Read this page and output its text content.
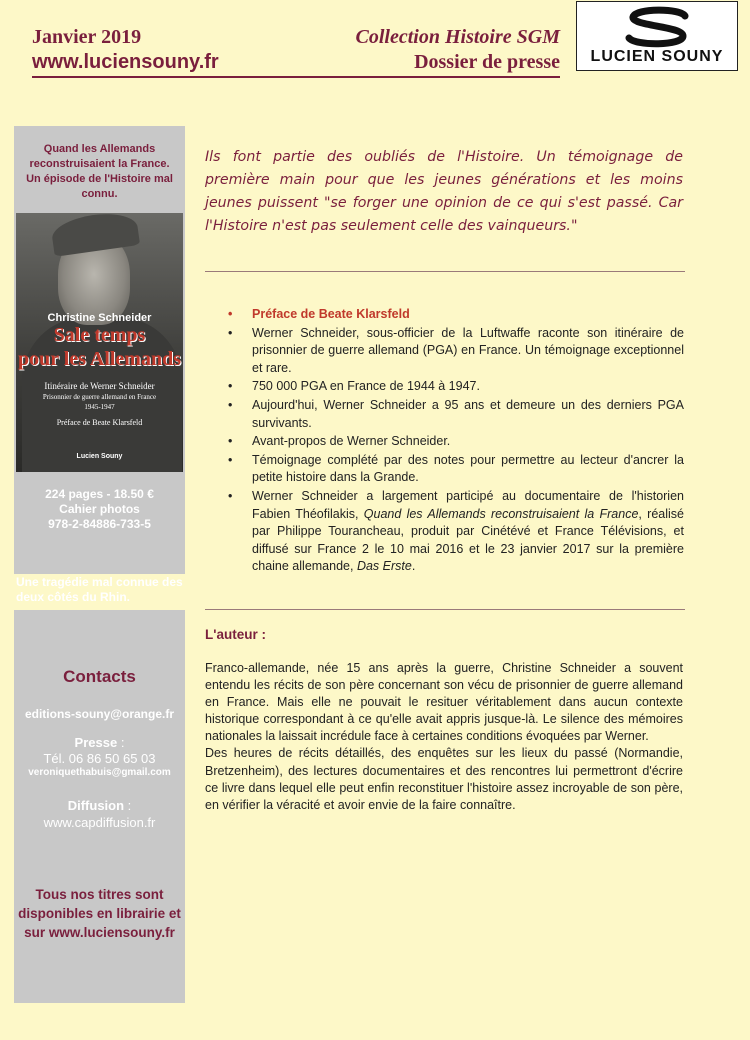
Janvier 2019
www.luciensouny.fr
Collection Histoire SGM
Dossier de presse	LUCIEN SOUNY
Quand les Allemands reconstruisaient la France. Un épisode de l'Histoire mal connu.
Christine Schneider
Sale temps
pour les Allemands
Itinéraire de Werner Schneider
Prisonnier de guerre allemand en France
1945-1947
Préface de Beate Klarsfeld
Lucien Souny
224 pages - 18.50 €
Cahier photos
978-2-84886-733-5
Une tragédie mal connue des deux côtés du Rhin.
Contacts
editions-souny@orange.fr
Presse :
Tél. 06 86 50 65 03
veroniquethabuis@gmail.com
Diffusion :
www.capdiffusion.fr
Tous nos titres sont disponibles en librairie et sur www.luciensouny.fr
Ils font partie des oubliés de l'Histoire. Un témoignage de première main pour que les jeunes générations et les moins jeunes puissent "se forger une opinion de ce qui s'est passé. Car l'Histoire n'est pas seulement celle des vainqueurs."
• Préface de Beate Klarsfeld
• Werner Schneider, sous-officier de la Luftwaffe raconte son itinéraire de prisonnier de guerre allemand (PGA) en France. Un témoignage exceptionnel et rare.
• 750 000 PGA en France de 1944 à 1947.
• Aujourd'hui, Werner Schneider a 95 ans et demeure un des derniers PGA survivants.
• Avant-propos de Werner Schneider.
• Témoignage complété par des notes pour permettre au lecteur d'ancrer la petite histoire dans la Grande.
• Werner Schneider a largement participé au documentaire de l'historien Fabien Théofilakis, Quand les Allemands reconstruisaient la France, réalisé par Philippe Tourancheau, produit par Cinétévé et France Télévisions, et diffusé sur France 2 le 10 mai 2016 et le 23 janvier 2017 sur la première chaine allemande, Das Erste.
L'auteur :

Franco-allemande, née 15 ans après la guerre, Christine Schneider a souvent entendu les récits de son père concernant son vécu de prisonnier de guerre allemand en France. Mais elle ne pouvait le resituer véritablement dans aucun contexte historique correspondant à ce qu'elle avait appris jusque-là. Le silence des mémoires nationales la laissait incrédule face à certaines conditions évoquées par Werner.

Des heures de récits détaillés, des enquêtes sur les lieux du passé (Normandie, Bretzenheim), des lectures documentaires et des rencontres lui permettront d'écrire ce livre dans lequel elle peut enfin reconstituer l'histoire assez incroyable de son père, en vérifier la véracité et avoir envie de la faire connaître.
